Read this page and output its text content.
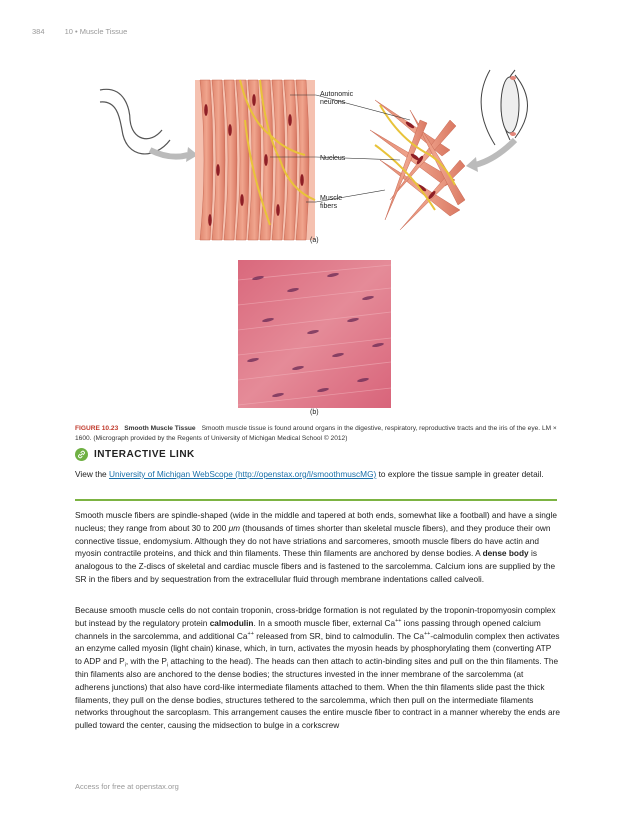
384	10 • Muscle Tissue
Autonomic
neurons
Nucleus
Muscle
fibers
(a)
(b)
FIGURE 10.23 Smooth Muscle Tissue Smooth muscle tissue is found around organs in the digestive, respiratory, reproductive tracts and the iris of the eye. LM × 1600. (Micrograph provided by the Regents of University of Michigan Medical School © 2012)
INTERACTIVE LINK
View the University of Michigan WebScope (http://openstax.org/l/smoothmuscMG) to explore the tissue sample in greater detail.

Smooth muscle fibers are spindle-shaped (wide in the middle and tapered at both ends, somewhat like a football) and have a single nucleus; they range from about 30 to 200 μm (thousands of times shorter than skeletal muscle fibers), and they produce their own connective tissue, endomysium. Although they do not have striations and sarcomeres, smooth muscle fibers do have actin and myosin contractile proteins, and thick and thin filaments. These thin filaments are anchored by dense bodies. A dense body is analogous to the Z-discs of skeletal and cardiac muscle fibers and is fastened to the sarcolemma. Calcium ions are supplied by the SR in the fibers and by sequestration from the extracellular fluid through membrane indentations called calveoli.

Because smooth muscle cells do not contain troponin, cross-bridge formation is not regulated by the troponin-tropomyosin complex but instead by the regulatory protein calmodulin. In a smooth muscle fiber, external Ca++ ions passing through opened calcium channels in the sarcolemma, and additional Ca++ released from SR, bind to calmodulin. The Ca++-calmodulin complex then activates an enzyme called myosin (light chain) kinase, which, in turn, activates the myosin heads by phosphorylating them (converting ATP to ADP and $P_i$, with the $P_i$ attaching to the head). The heads can then attach to actin-binding sites and pull on the thin filaments. The thin filaments also are anchored to the dense bodies; the structures invested in the inner membrane of the sarcolemma (at adherens junctions) that also have cord-like intermediate filaments attached to them. When the thin filaments slide past the thick filaments, they pull on the dense bodies, structures tethered to the sarcolemma, which then pull on the intermediate filaments networks throughout the sarcoplasm. This arrangement causes the entire muscle fiber to contract in a manner whereby the ends are pulled toward the center, causing the midsection to bulge in a corkscrew

Access for free at openstax.org
